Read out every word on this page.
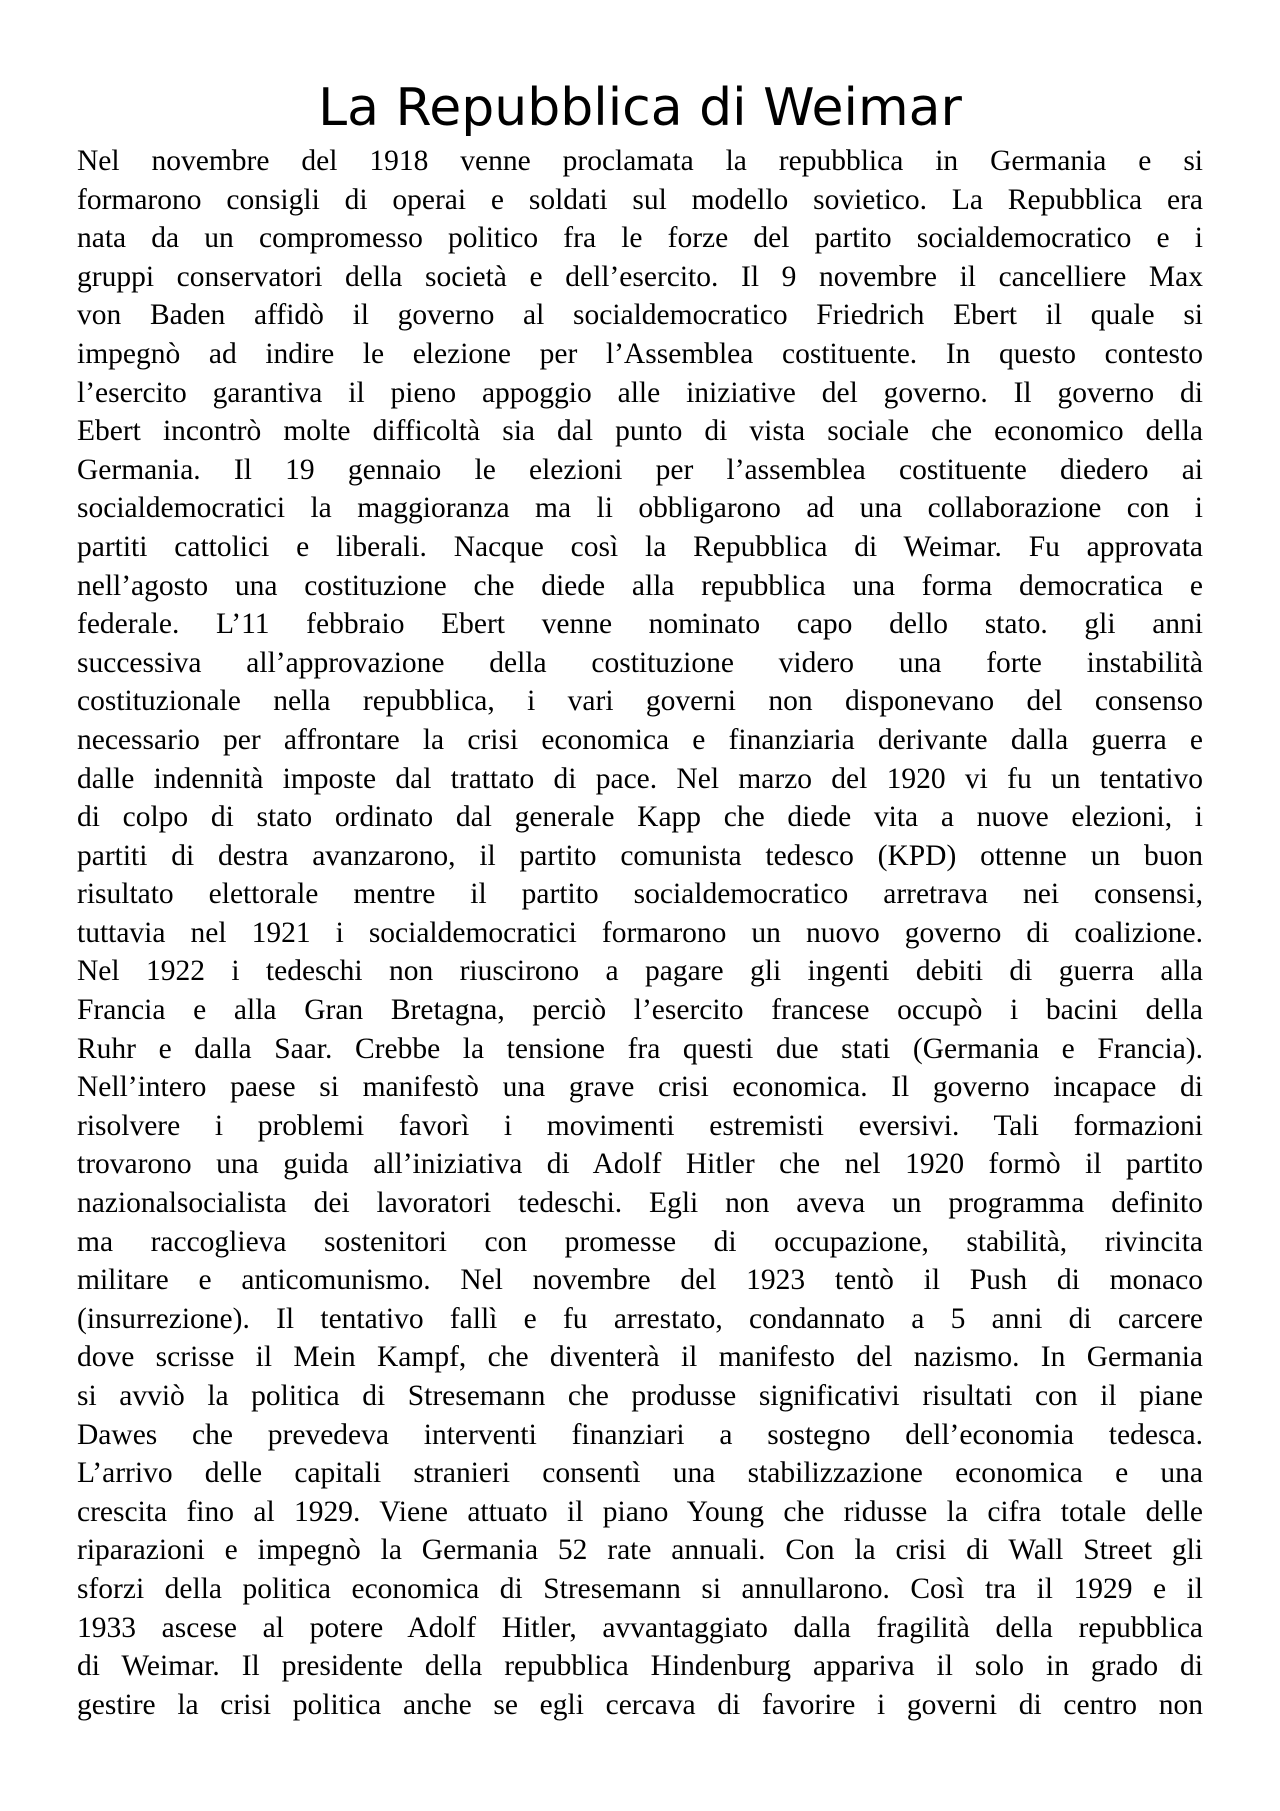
La Repubblica di Weimar
Nel novembre del 1918 venne proclamata la repubblica in Germania e si
formarono consigli di operai e soldati sul modello sovietico. La Repubblica era
nata da un compromesso politico fra le forze del partito socialdemocratico e i
gruppi conservatori della società e dell’esercito. Il 9 novembre il cancelliere Max
von Baden affidò il governo al socialdemocratico Friedrich Ebert il quale si
impegnò ad indire le elezione per l’Assemblea costituente. In questo contesto
l’esercito garantiva il pieno appoggio alle iniziative del governo. Il governo di
Ebert incontrò molte difficoltà sia dal punto di vista sociale che economico della
Germania. Il 19 gennaio le elezioni per l’assemblea costituente diedero ai
socialdemocratici la maggioranza ma li obbligarono ad una collaborazione con i
partiti cattolici e liberali. Nacque così la Repubblica di Weimar. Fu approvata
nell’agosto una costituzione che diede alla repubblica una forma democratica e
federale. L’11 febbraio Ebert venne nominato capo dello stato. gli anni
successiva all’approvazione della costituzione videro una forte instabilità
costituzionale nella repubblica, i vari governi non disponevano del consenso
necessario per affrontare la crisi economica e finanziaria derivante dalla guerra e
dalle indennità imposte dal trattato di pace. Nel marzo del 1920 vi fu un tentativo
di colpo di stato ordinato dal generale Kapp che diede vita a nuove elezioni, i
partiti di destra avanzarono, il partito comunista tedesco (KPD) ottenne un buon
risultato elettorale mentre il partito socialdemocratico arretrava nei consensi,
tuttavia nel 1921 i socialdemocratici formarono un nuovo governo di coalizione.
Nel 1922 i tedeschi non riuscirono a pagare gli ingenti debiti di guerra alla
Francia e alla Gran Bretagna, perciò l’esercito francese occupò i bacini della
Ruhr e dalla Saar. Crebbe la tensione fra questi due stati (Germania e Francia).
Nell’intero paese si manifestò una grave crisi economica. Il governo incapace di
risolvere i problemi favorì i movimenti estremisti eversivi. Tali formazioni
trovarono una guida all’iniziativa di Adolf Hitler che nel 1920 formò il partito
nazionalsocialista dei lavoratori tedeschi. Egli non aveva un programma definito
ma raccoglieva sostenitori con promesse di occupazione, stabilità, rivincita
militare e anticomunismo. Nel novembre del 1923 tentò il Push di monaco
(insurrezione). Il tentativo fallì e fu arrestato, condannato a 5 anni di carcere
dove scrisse il Mein Kampf, che diventerà il manifesto del nazismo. In Germania
si avviò la politica di Stresemann che produsse significativi risultati con il piane
Dawes che prevedeva interventi finanziari a sostegno dell’economia tedesca.
L’arrivo delle capitali stranieri consentì una stabilizzazione economica e una
crescita fino al 1929. Viene attuato il piano Young che ridusse la cifra totale delle
riparazioni e impegnò la Germania 52 rate annuali. Con la crisi di Wall Street gli
sforzi della politica economica di Stresemann si annullarono. Così tra il 1929 e il
1933 ascese al potere Adolf Hitler, avvantaggiato dalla fragilità della repubblica
di Weimar. Il presidente della repubblica Hindenburg appariva il solo in grado di
gestire la crisi politica anche se egli cercava di favorire i governi di centro non
